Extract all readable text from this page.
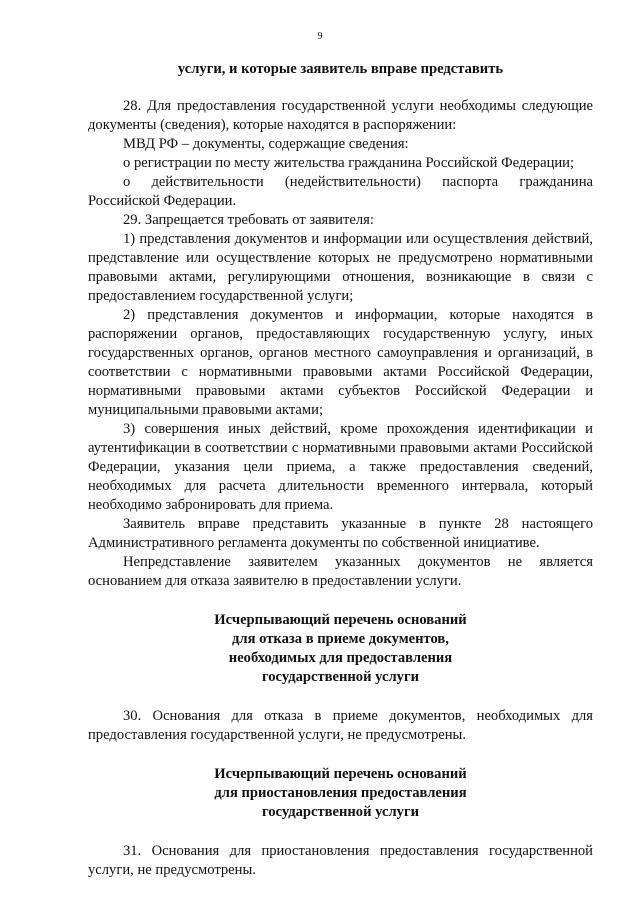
9

услуги, и которые заявитель вправе представить

28. Для предоставления государственной услуги необходимы следующие документы (сведения), которые находятся в распоряжении:

МВД РФ – документы, содержащие сведения:

о регистрации по месту жительства гражданина Российской Федерации;

о действительности (недействительности) паспорта гражданина Российской Федерации.

29. Запрещается требовать от заявителя:

1) представления документов и информации или осуществления действий, представление или осуществление которых не предусмотрено нормативными правовыми актами, регулирующими отношения, возникающие в связи с предоставлением государственной услуги;

2) представления документов и информации, которые находятся в распоряжении органов, предоставляющих государственную услугу, иных государственных органов, органов местного самоуправления и организаций, в соответствии с нормативными правовыми актами Российской Федерации, нормативными правовыми актами субъектов Российской Федерации и муниципальными правовыми актами;

3) совершения иных действий, кроме прохождения идентификации и аутентификации в соответствии с нормативными правовыми актами Российской Федерации, указания цели приема, а также предоставления сведений, необходимых для расчета длительности временного интервала, который необходимо забронировать для приема.

Заявитель вправе представить указанные в пункте 28 настоящего Административного регламента документы по собственной инициативе.

Непредставление заявителем указанных документов не является основанием для отказа заявителю в предоставлении услуги.

Исчерпывающий перечень оснований
для отказа в приеме документов,
необходимых для предоставления
государственной услуги

30. Основания для отказа в приеме документов, необходимых для предоставления государственной услуги, не предусмотрены.

Исчерпывающий перечень оснований
для приостановления предоставления
государственной услуги

31. Основания для приостановления предоставления государственной услуги, не предусмотрены.
